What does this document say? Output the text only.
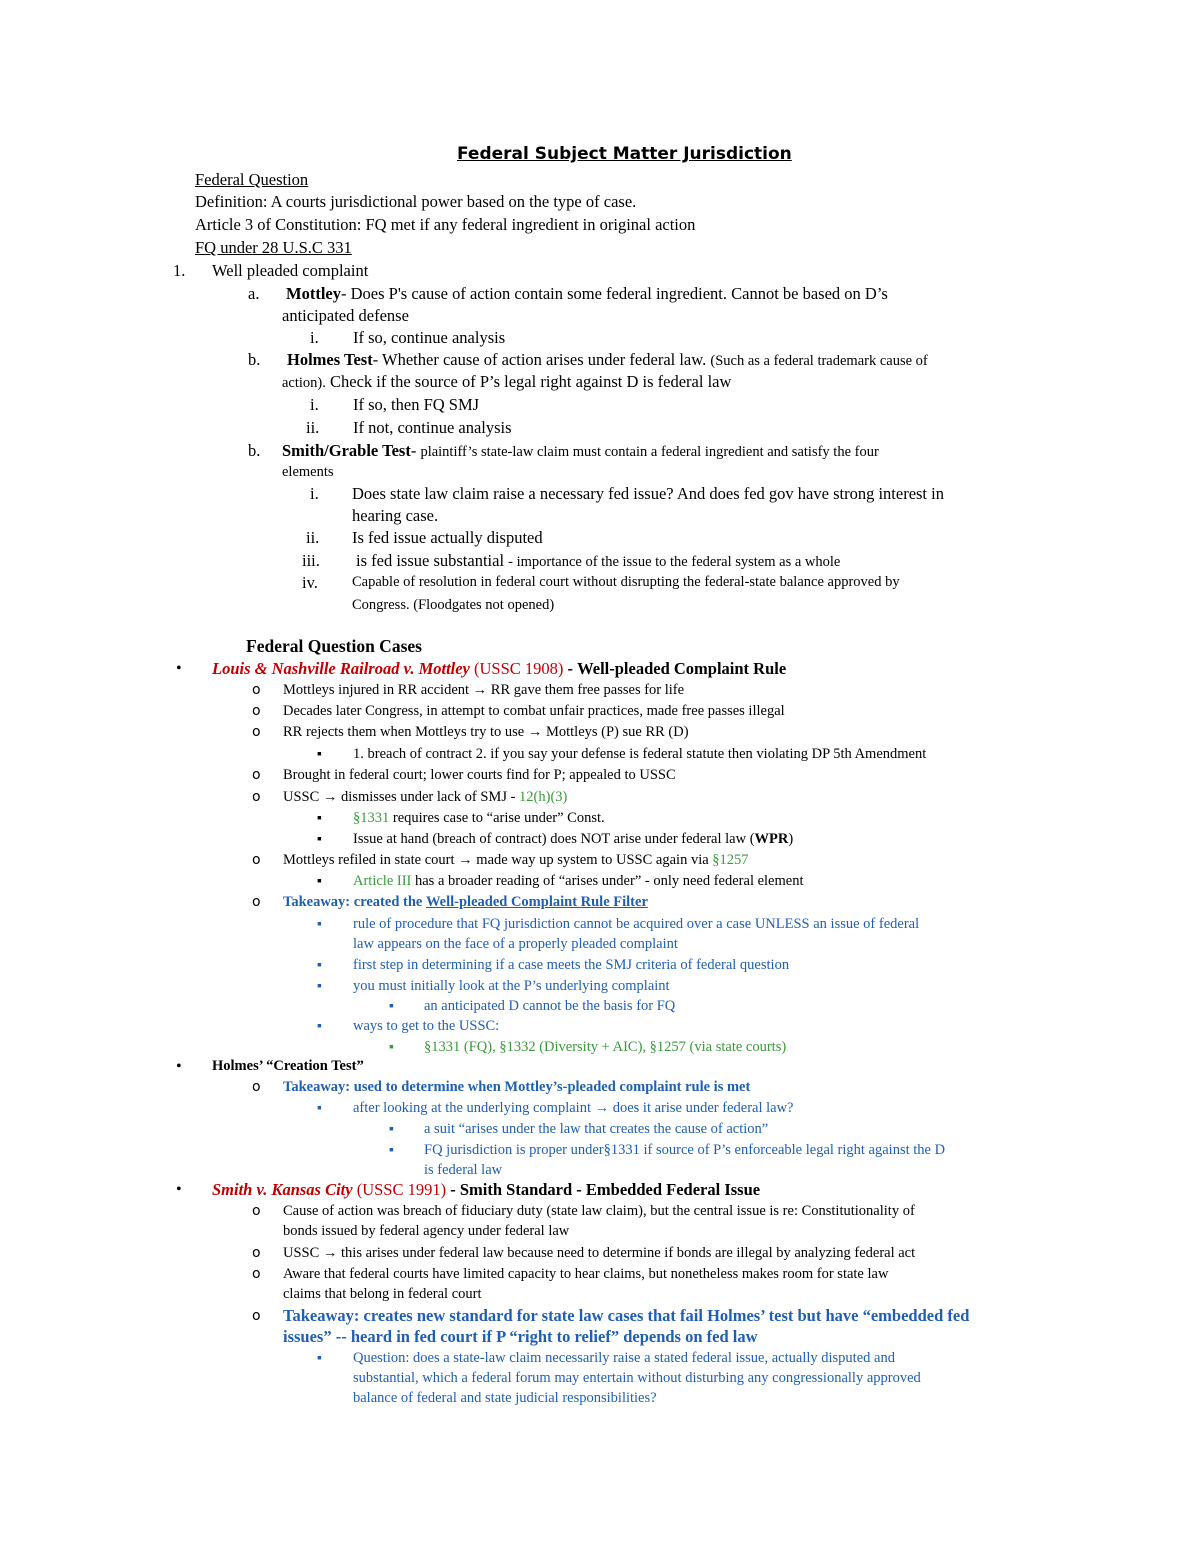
Federal Subject Matter Jurisdiction
Federal Question
Definition: A courts jurisdictional power based on the type of case.
Article 3 of Constitution: FQ met if any federal ingredient in original action
FQ under 28 U.S.C 331
1. Well pleaded complaint
a. Mottley- Does P's cause of action contain some federal ingredient. Cannot be based on D’s
anticipated defense
i. If so, continue analysis
b. Holmes Test- Whether cause of action arises under federal law. (Such as a federal trademark cause of
action). Check if the source of P’s legal right against D is federal law
i. If so, then FQ SMJ
ii. If not, continue analysis
b. Smith/Grable Test- plaintiff’s state-law claim must contain a federal ingredient and satisfy the four
elements
i. Does state law claim raise a necessary fed issue? And does fed gov have strong interest in
hearing case.
ii. Is fed issue actually disputed
iii. is fed issue substantial - importance of the issue to the federal system as a whole
iv. Capable of resolution in federal court without disrupting the federal-state balance approved by
Congress. (Floodgates not opened)
Federal Question Cases
•
Louis & Nashville Railroad v. Mottley (USSC 1908) - Well-pleaded Complaint Rule
o
Mottleys injured in RR accident → RR gave them free passes for life
o
Decades later Congress, in attempt to combat unfair practices, made free passes illegal
o
RR rejects them when Mottleys try to use → Mottleys (P) sue RR (D)
▪
1. breach of contract 2. if you say your defense is federal statute then violating DP 5th Amendment
o
Brought in federal court; lower courts find for P; appealed to USSC
o
USSC → dismisses under lack of SMJ - 12(h)(3)
▪
§1331 requires case to “arise under” Const.
▪
Issue at hand (breach of contract) does NOT arise under federal law (WPR)
o
Mottleys refiled in state court → made way up system to USSC again via §1257
▪
Article III has a broader reading of “arises under” - only need federal element
o
Takeaway: created the Well-pleaded Complaint Rule Filter
▪
rule of procedure that FQ jurisdiction cannot be acquired over a case UNLESS an issue of federal
law appears on the face of a properly pleaded complaint
▪
first step in determining if a case meets the SMJ criteria of federal question
▪
you must initially look at the P’s underlying complaint
▪
an anticipated D cannot be the basis for FQ
▪
ways to get to the USSC:
▪
§1331 (FQ), §1332 (Diversity + AIC), §1257 (via state courts)
•
Holmes’ “Creation Test”
o
Takeaway: used to determine when Mottley’s-pleaded complaint rule is met
▪
after looking at the underlying complaint → does it arise under federal law?
▪
a suit “arises under the law that creates the cause of action”
▪
FQ jurisdiction is proper under§1331 if source of P’s enforceable legal right against the D
is federal law
•
Smith v. Kansas City (USSC 1991) - Smith Standard - Embedded Federal Issue
o
Cause of action was breach of fiduciary duty (state law claim), but the central issue is re: Constitutionality of
bonds issued by federal agency under federal law
o
USSC → this arises under federal law because need to determine if bonds are illegal by analyzing federal act
o
Aware that federal courts have limited capacity to hear claims, but nonetheless makes room for state law
claims that belong in federal court
o
Takeaway: creates new standard for state law cases that fail Holmes’ test but have “embedded fed
issues” -- heard in fed court if P “right to relief” depends on fed law
▪
Question: does a state-law claim necessarily raise a stated federal issue, actually disputed and
substantial, which a federal forum may entertain without disturbing any congressionally approved
balance of federal and state judicial responsibilities?
